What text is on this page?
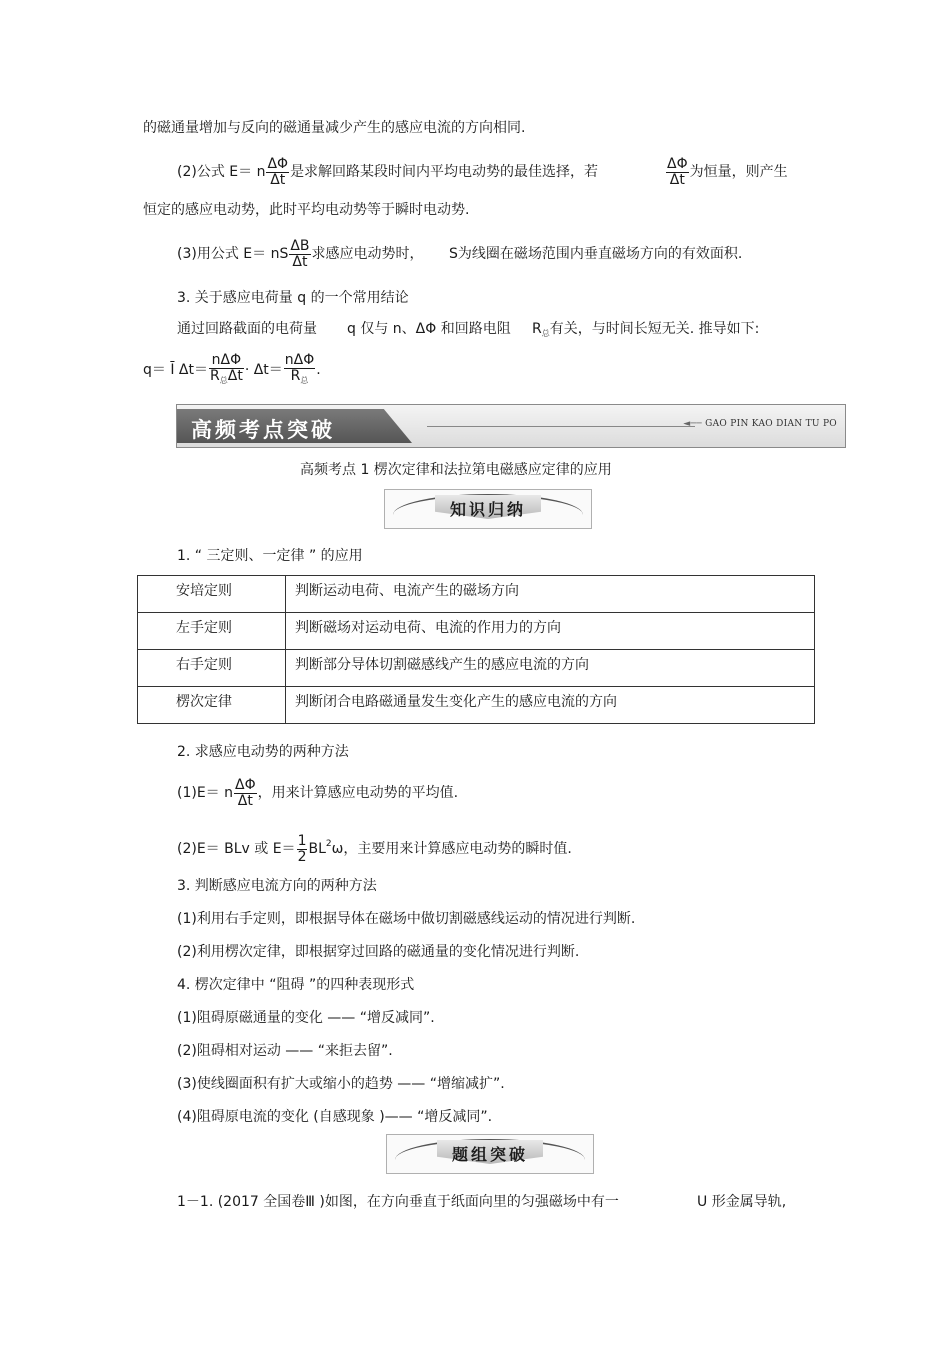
的磁通量增加与反向的磁通量减少产生的感应电流的方向相同.
(2)公式 E＝ n $\frac{\Delta\Phi}{\Delta t}$ 是求解回路某段时间内平均电动势的最佳选择，若	$\frac{\Delta\Phi}{\Delta t}$ 为恒量，则产生
恒定的感应电动势，此时平均电动势等于瞬时电动势.
(3)用公式 E＝ nS $\frac{\Delta B}{\Delta t}$ 求感应电动势时， S为线圈在磁场范围内垂直磁场方向的有效面积.
3. 关于感应电荷量 q 的一个常用结论
通过回路截面的电荷量 q 仅与 n、ΔΦ 和回路电阻 $R_总$有关，与时间长短无关. 推导如下:
$q= \overline{I}$ $\Delta t= \frac{\text{nΔΦ}}{R_总\Delta t} \cdot \Delta t= \frac{\text{nΔΦ}}{R_总}$ .
高频考点突破	◄── GAO PIN KAO DIAN TU PO
高频考点 1 楞次定律和法拉第电磁感应定律的应用
知识归纳
1. “ 三定则、一定律 ” 的应用
安培定则	判断运动电荷、电流产生的磁场方向
左手定则	判断磁场对运动电荷、电流的作用力的方向
右手定则	判断部分导体切割磁感线产生的感应电流的方向
楞次定律	判断闭合电路磁通量发生变化产生的感应电流的方向
2. 求感应电动势的两种方法
(1)E＝ n $\frac{\Delta\Phi}{\Delta t}$ ，用来计算感应电动势的平均值.
(2)E＝ BLv 或 $E= \frac{1}{2} BL^2\omega$，主要用来计算感应电动势的瞬时值.
3. 判断感应电流方向的两种方法
(1)利用右手定则，即根据导体在磁场中做切割磁感线运动的情况进行判断.
(2)利用楞次定律，即根据穿过回路的磁通量的变化情况进行判断.
4. 楞次定律中 “阻碍 ”的四种表现形式
(1)阻碍原磁通量的变化 —— “增反减同”.
(2)阻碍相对运动 —— “来拒去留”.
(3)使线圈面积有扩大或缩小的趋势 —— “增缩减扩”.
(4)阻碍原电流的变化 (自感现象 )—— “增反减同”.
题组突破
1－1. (2017 全国卷Ⅲ )如图，在方向垂直于纸面向里的匀强磁场中有一	U 形金属导轨,
